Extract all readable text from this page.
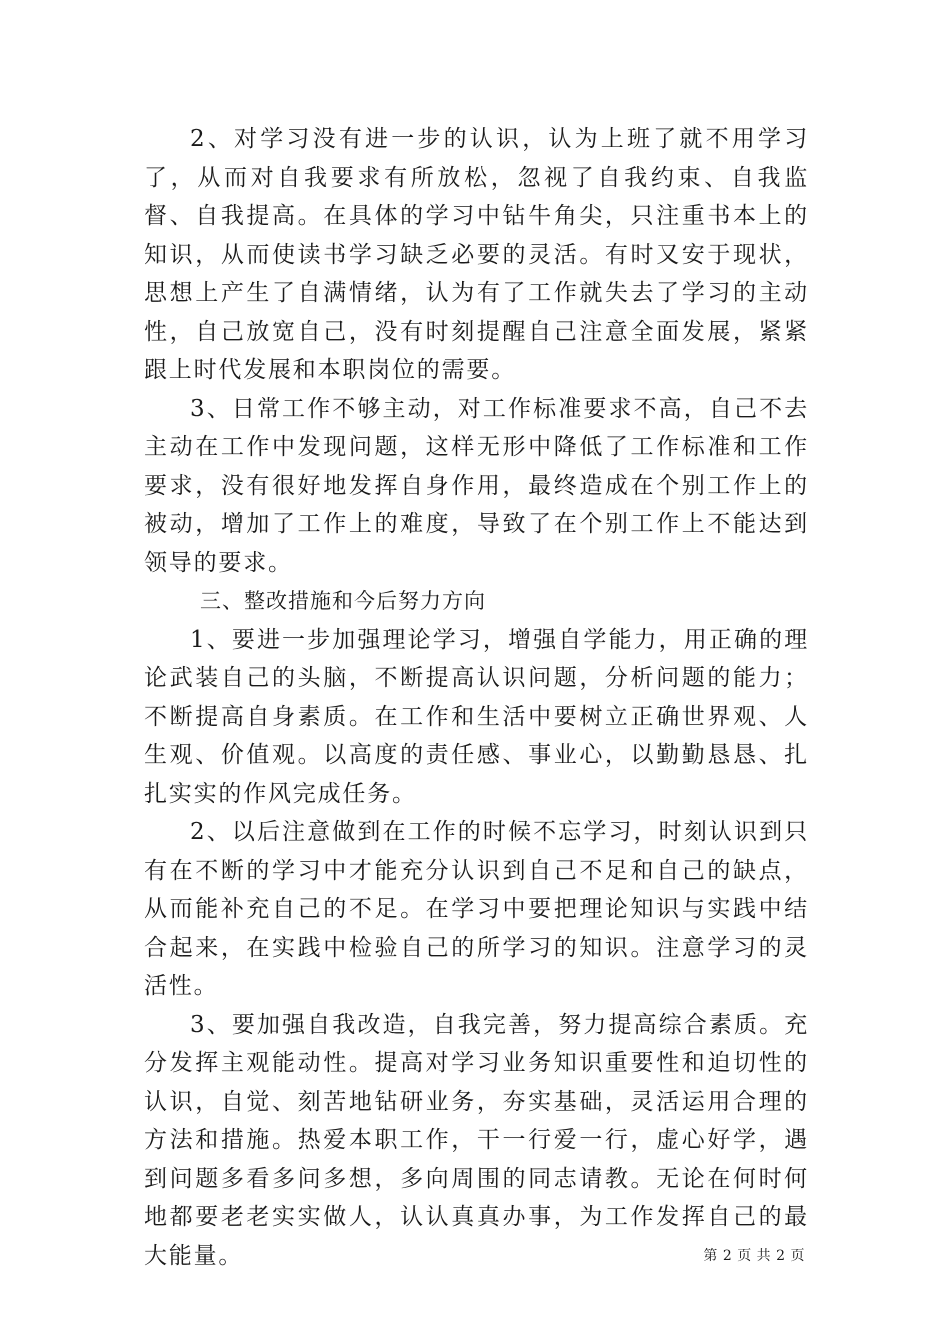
2、对学习没有进一步的认识，认为上班了就不用学习了，从而对自我要求有所放松，忽视了自我约束、自我监督、自我提高。在具体的学习中钻牛角尖，只注重书本上的知识，从而使读书学习缺乏必要的灵活。有时又安于现状，思想上产生了自满情绪，认为有了工作就失去了学习的主动性，自己放宽自己，没有时刻提醒自己注意全面发展，紧紧跟上时代发展和本职岗位的需要。

3、日常工作不够主动，对工作标准要求不高，自己不去主动在工作中发现问题，这样无形中降低了工作标准和工作要求，没有很好地发挥自身作用，最终造成在个别工作上的被动，增加了工作上的难度，导致了在个别工作上不能达到领导的要求。

三、整改措施和今后努力方向

1、要进一步加强理论学习，增强自学能力，用正确的理论武装自己的头脑，不断提高认识问题，分析问题的能力；不断提高自身素质。在工作和生活中要树立正确世界观、人生观、价值观。以高度的责任感、事业心，以勤勤恳恳、扎扎实实的作风完成任务。

2、以后注意做到在工作的时候不忘学习，时刻认识到只有在不断的学习中才能充分认识到自己不足和自己的缺点，从而能补充自己的不足。在学习中要把理论知识与实践中结合起来，在实践中检验自己的所学习的知识。注意学习的灵活性。

3、要加强自我改造，自我完善，努力提高综合素质。充分发挥主观能动性。提高对学习业务知识重要性和迫切性的认识，自觉、刻苦地钻研业务，夯实基础，灵活运用合理的方法和措施。热爱本职工作，干一行爱一行，虚心好学，遇到问题多看多问多想，多向周围的同志请教。无论在何时何地都要老老实实做人，认认真真办事，为工作发挥自己的最大能量。	第 2 页 共 2 页
